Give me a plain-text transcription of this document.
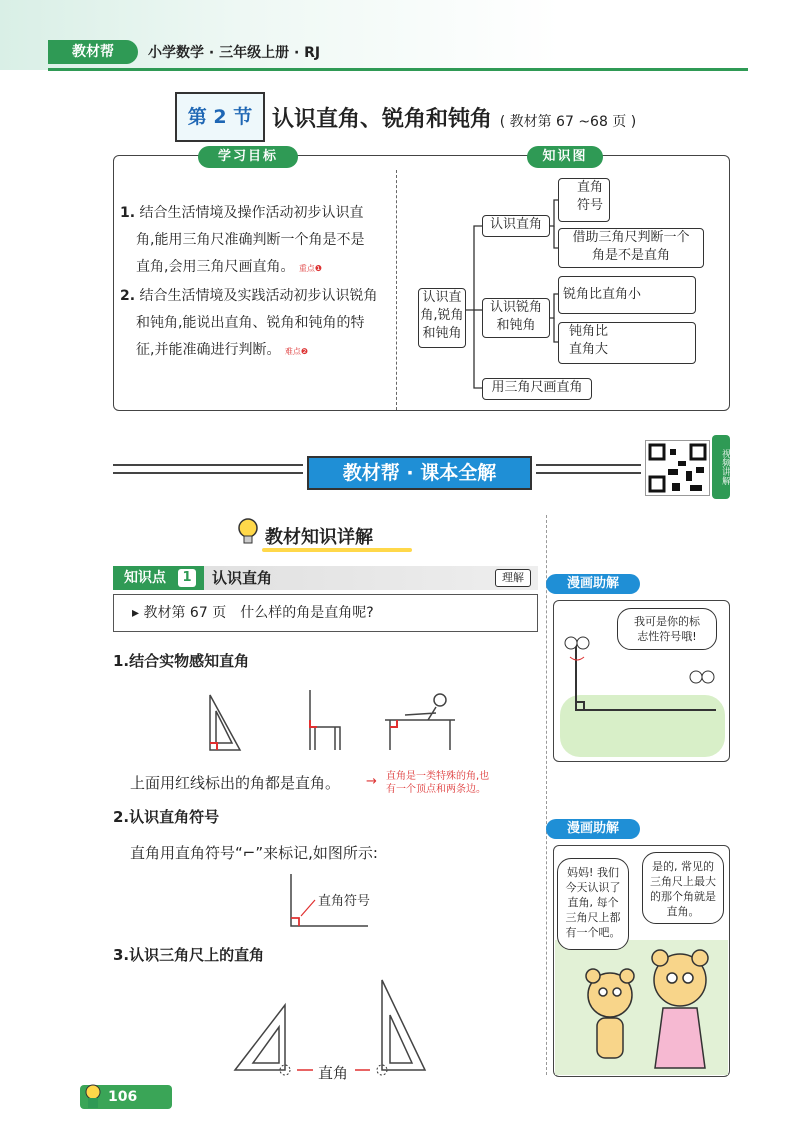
教材帮	小学数学 · 三年级上册 · RJ
第 2 节 认识直角、锐角和钝角 ( 教材第 67 ~68 页 )
学习目标	知识图
1. 结合生活情境及操作活动初步认识直
角,能用三角尺准确判断一个角是不是
直角,会用三角尺画直角。 重点❶
2. 结合生活情境及实践活动初步认识锐角
和钝角,能说出直角、锐角和钝角的特
征,并能准确进行判断。 难点❷
认识直
角,锐角
和钝角
认识直角
直角
符号
借助三角尺判断一个
角是不是直角
认识锐角
和钝角
锐角比直角小
钝角比
直角大
用三角尺画直角
教材帮 · 课本全解	视频讲解
教材知识详解
知识点	1 认识直角	理解
▸ 教材第 67 页　什么样的角是直角呢?
1.结合实物感知直角
上面用红线标出的角都是直角。 → 直角是一类特殊的角,也
有一个顶点和两条边。
2.认识直角符号
直角用直角符号“⌐”来标记,如图所示:
直角符号
3.认识三角尺上的直角
直角
漫画助解
我可是你的标
志性符号哦!
漫画助解
妈妈! 我们
今天认识了
直角, 每个
三角尺上都
有一个吧。
是的, 常见的
三角尺上最大
的那个角就是
直角。
106
